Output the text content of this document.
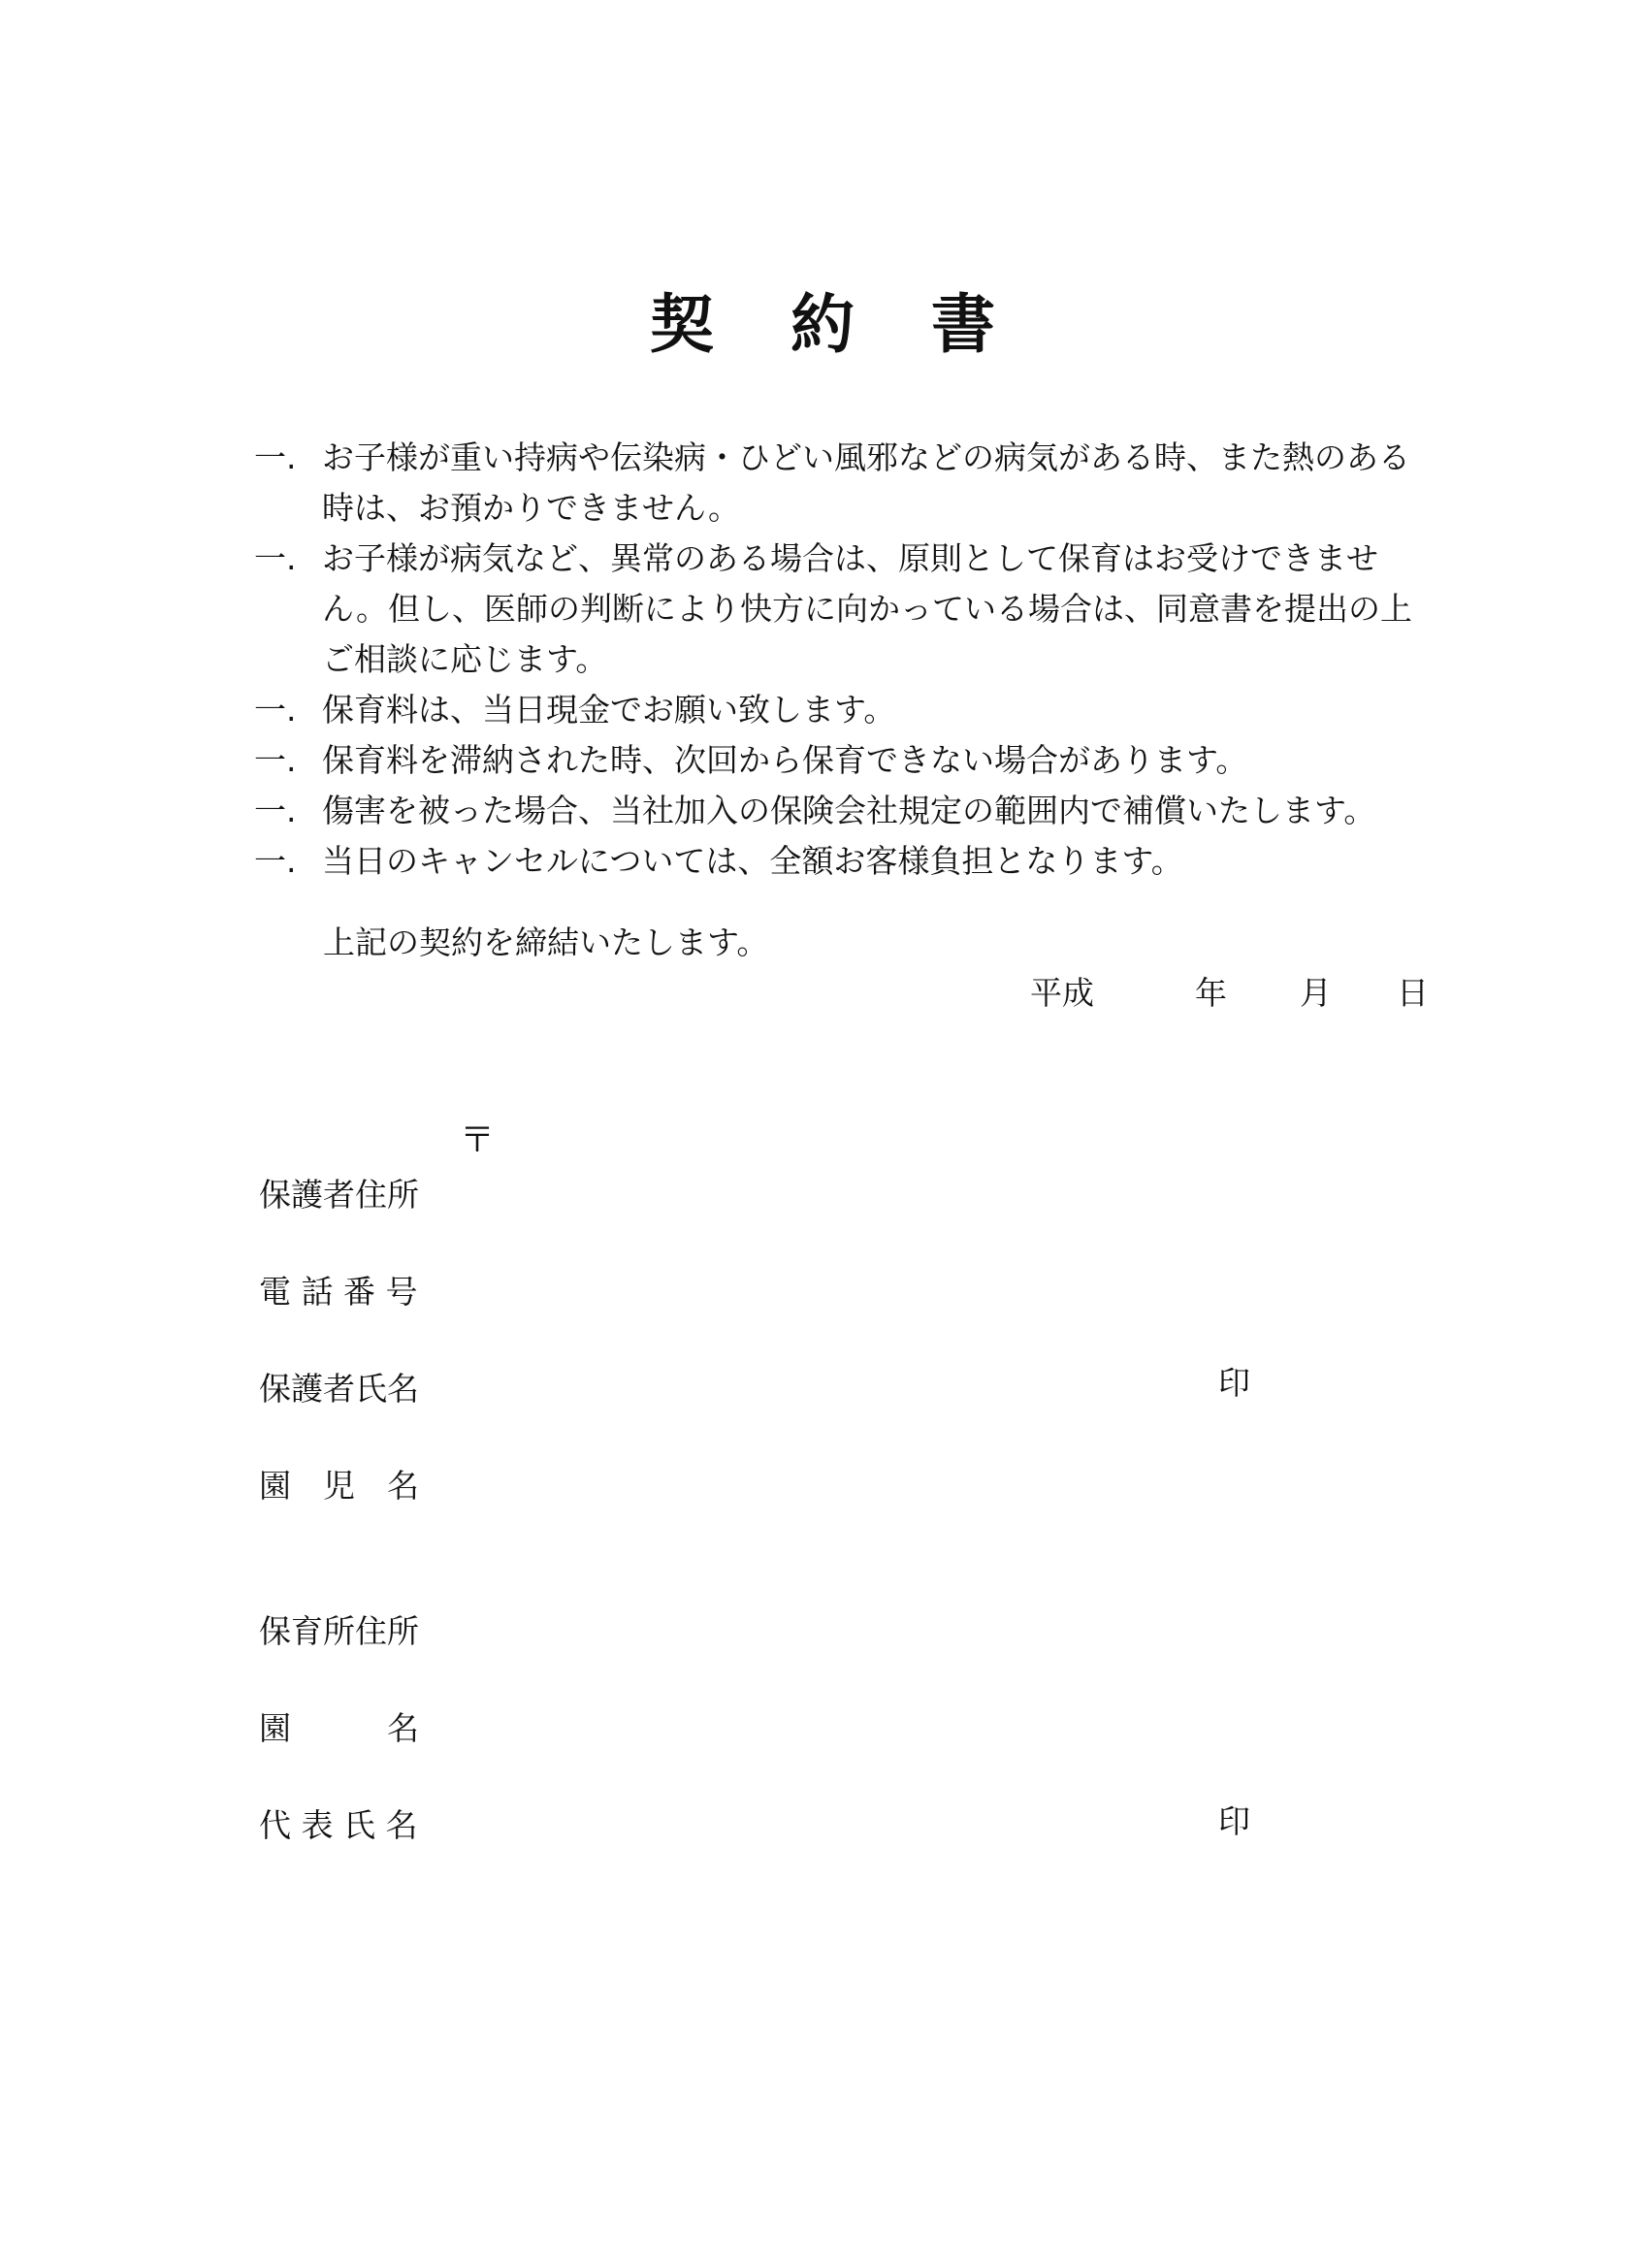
契 約 書
一. お子様が重い持病や伝染病・ひどい風邪などの病気がある時、また熱のある時は、お預かりできません。
一. お子様が病気など、異常のある場合は、原則として保育はお受けできません。但し、医師の判断により快方に向かっている場合は、同意書を提出の上ご相談に応じます。
一. 保育料は、当日現金でお願い致します。
一. 保育料を滞納された時、次回から保育できない場合があります。
一. 傷害を被った場合、当社加入の保険会社規定の範囲内で補償いたします。
一. 当日のキャンセルについては、全額お客様負担となります。
上記の契約を締結いたします。
平成	年 月 日
〒
保護者住所
電 話 番 号
保護者氏名	印
園　児　名
保育所住所
園　　　名
代 表 氏 名	印
